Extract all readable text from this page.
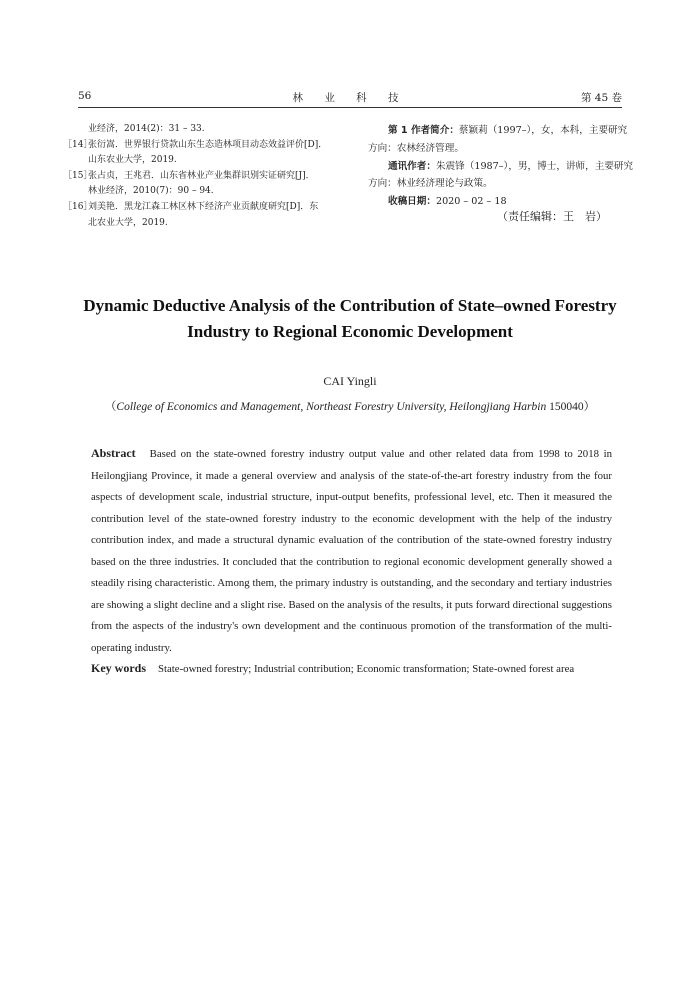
56	林 业 科 技	第 45 卷
业经济，2014(2)：31 – 33.
［14］
张衍嵩．世界银行贷款山东生态造林项目动态效益评价[D]．
山东农业大学，2019.
［15］
张占贞，王兆君．山东省林业产业集群识别实证研究[J]．
林业经济，2010(7)：90 – 94.
［16］
刘美艳．黑龙江森工林区林下经济产业贡献度研究[D]．东
北农业大学，2019.

第 1 作者简介：蔡颖莉（1997–），女，本科，主要研究方向：农林经济管理。

通讯作者：朱震锋（1987–），男，博士，讲师，主要研究方向：林业经济理论与政策。

收稿日期：2020 – 02 – 18

（责任编辑：王　岩）
Dynamic Deductive Analysis of the Contribution of State–owned Forestry
Industry to Regional Economic Development
CAI Yingli
（College of Economics and Management, Northeast Forestry University, Heilongjiang Harbin 150040）
Abstract Based on the state-owned forestry industry output value and other related data from 1998 to 2018 in Heilongjiang Province, it made a general overview and analysis of the state-of-the-art forestry industry from the four aspects of development scale, industrial structure, input-output benefits, professional level, etc. Then it measured the contribution level of the state-owned forestry industry to the economic development with the help of the industry contribution index, and made a structural dynamic evaluation of the contribution of the state-owned forestry industry based on the three industries. It concluded that the contribution to regional economic development generally showed a steadily rising characteristic. Among them, the primary industry is outstanding, and the secondary and tertiary industries are showing a slight decline and a slight rise. Based on the analysis of the results, it puts forward directional suggestions from the aspects of the industry's own development and the continuous promotion of the transformation of the multi-operating industry.
Key words State-owned forestry; Industrial contribution; Economic transformation; State-owned forest area
